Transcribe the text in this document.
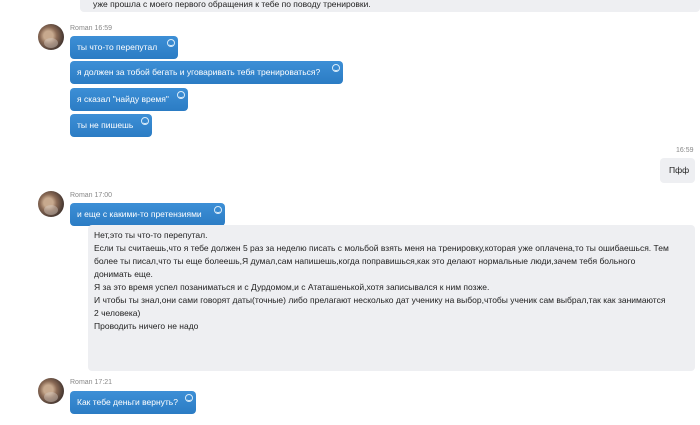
уже прошла с моего первого обращения к тебе по поводу тренировки.
Roman 16:59
ты что-то перепутал
я должен за тобой бегать и уговаривать тебя тренироваться?
я сказал "найду время"
ты не пишешь
16:59
Пфф
Roman 17:00
и еще с какими-то претензиями
Нет,это ты что-то перепутал.
Если ты считаешь,что я тебе должен 5 раз за неделю писать с мольбой взять меня на тренировку,которая уже оплачена,то ты ошибаешься. Тем
более ты писал,что ты еще болеешь,Я думал,сам напишешь,когда поправишься,как это делают нормальные люди,зачем тебя больного
донимать еще.
Я за это время успел позаниматься и с Дурдомом,и с Ататашенькой,хотя записывался к ним позже.
И чтобы ты знал,они сами говорят даты(точные) либо прелагают несколько дат ученику на выбор,чтобы ученик сам выбрал,так как занимаются
2 человека)
Проводить ничего не надо
Roman 17:21
Как тебе деньги вернуть?
